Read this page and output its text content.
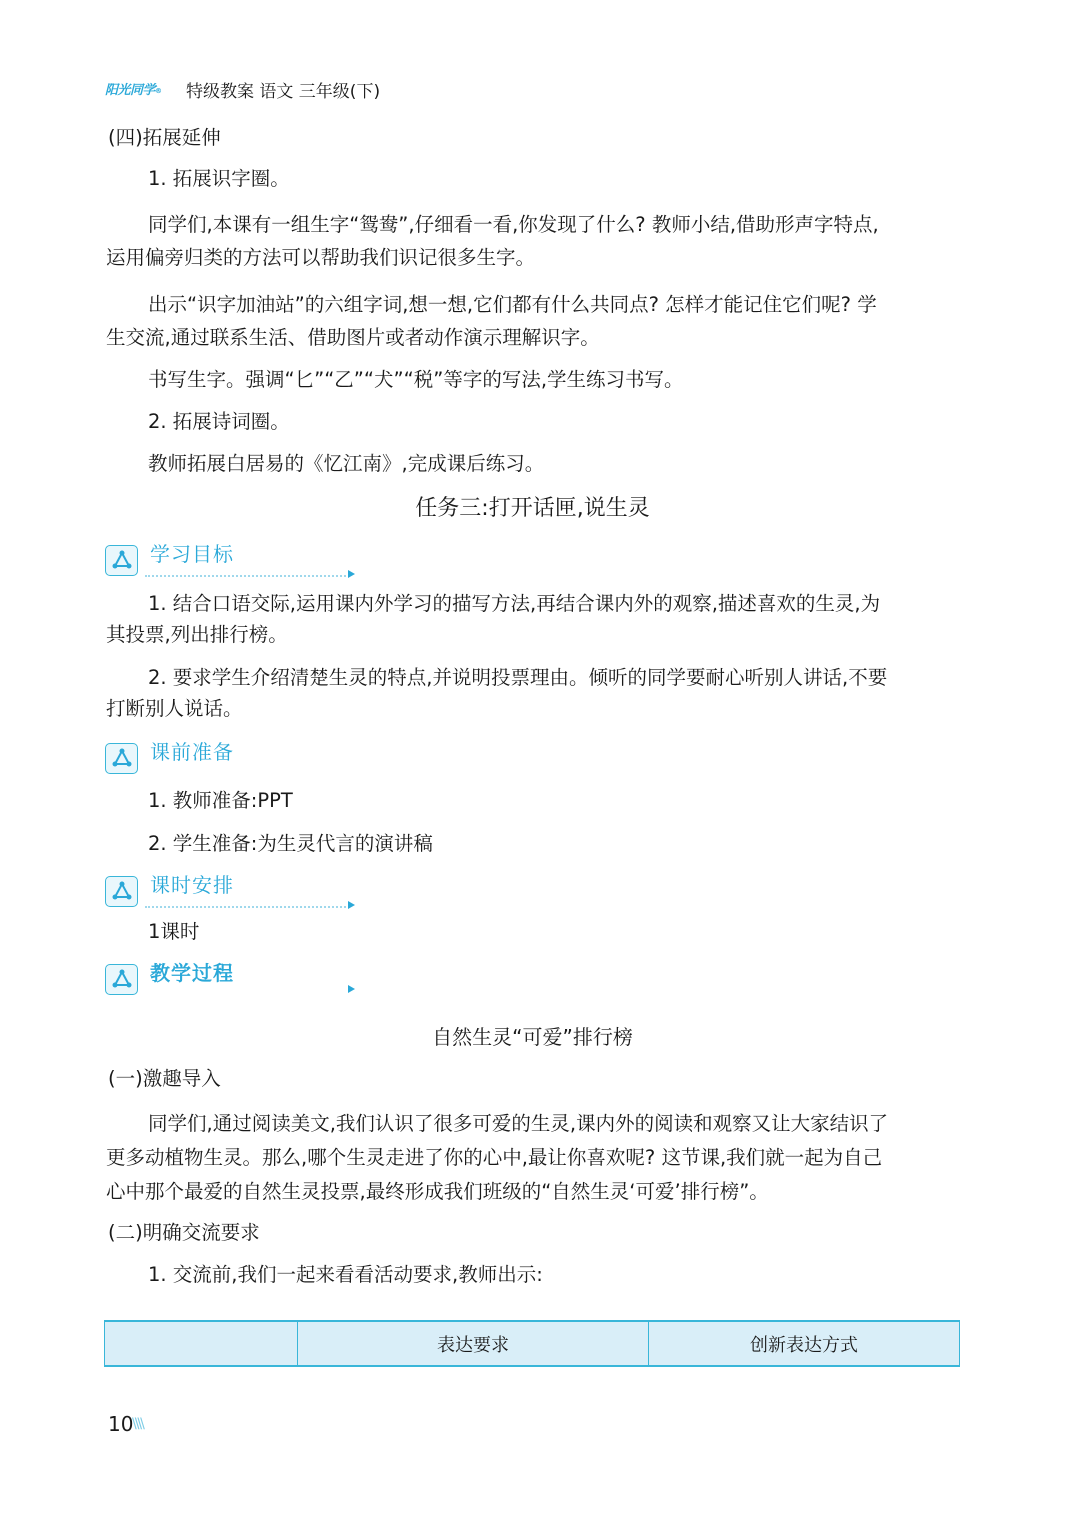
阳光同学®	特级教案 语文 三年级(下)
(四)拓展延伸
1. 拓展识字圈。
同学们,本课有一组生字“鸳鸯”,仔细看一看,你发现了什么? 教师小结,借助形声字特点,
运用偏旁归类的方法可以帮助我们识记很多生字。
出示“识字加油站”的六组字词,想一想,它们都有什么共同点? 怎样才能记住它们呢? 学
生交流,通过联系生活、借助图片或者动作演示理解识字。
书写生字。强调“匕”“乙”“犬”“税”等字的写法,学生练习书写。
2. 拓展诗词圈。
教师拓展白居易的《忆江南》,完成课后练习。
任务三:打开话匣,说生灵
学习目标
1. 结合口语交际,运用课内外学习的描写方法,再结合课内外的观察,描述喜欢的生灵,为
其投票,列出排行榜。
2. 要求学生介绍清楚生灵的特点,并说明投票理由。倾听的同学要耐心听别人讲话,不要
打断别人说话。
课前准备
1. 教师准备:PPT
2. 学生准备:为生灵代言的演讲稿
课时安排
1课时
教学过程
自然生灵“可爱”排行榜
(一)激趣导入
同学们,通过阅读美文,我们认识了很多可爱的生灵,课内外的阅读和观察又让大家结识了
更多动植物生灵。那么,哪个生灵走进了你的心中,最让你喜欢呢? 这节课,我们就一起为自己
心中那个最爱的自然生灵投票,最终形成我们班级的“自然生灵‘可爱’排行榜”。
(二)明确交流要求
1. 交流前,我们一起来看看活动要求,教师出示:
	表达要求	创新表达方式
10
\\\\
